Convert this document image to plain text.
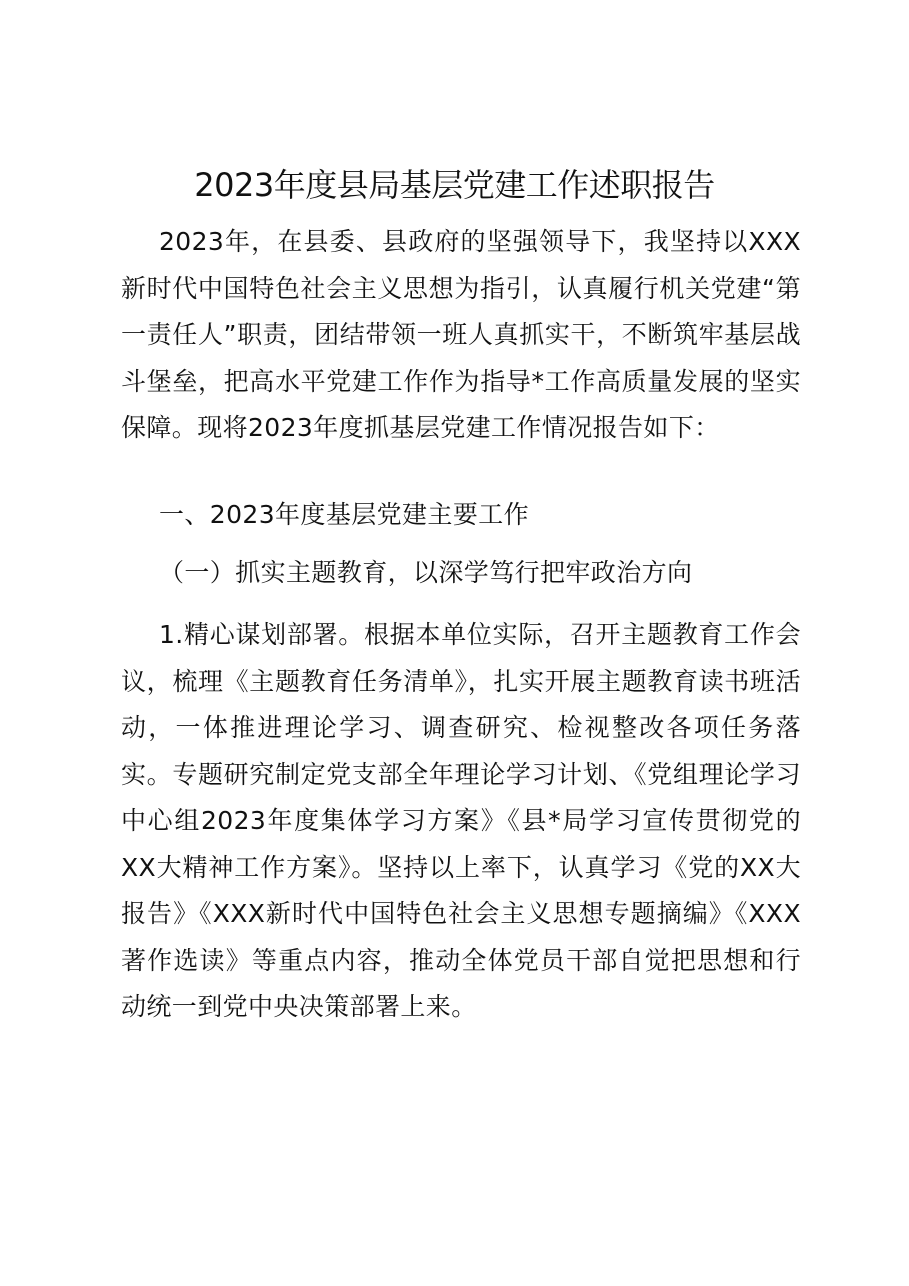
2023年度县局基层党建工作述职报告

2023年，在县委、县政府的坚强领导下，我坚持以XXX新时代中国特色社会主义思想为指引，认真履行机关党建“第一责任人”职责，团结带领一班人真抓实干，不断筑牢基层战斗堡垒，把高水平党建工作作为指导*工作高质量发展的坚实保障。现将2023年度抓基层党建工作情况报告如下：

一、2023年度基层党建主要工作
（一）抓实主题教育，以深学笃行把牢政治方向

1.精心谋划部署。根据本单位实际，召开主题教育工作会议，梳理《主题教育任务清单》，扎实开展主题教育读书班活动，一体推进理论学习、调查研究、检视整改各项任务落实。专题研究制定党支部全年理论学习计划、《党组理论学习中心组2023年度集体学习方案》《县*局学习宣传贯彻党的XX大精神工作方案》。坚持以上率下，认真学习《党的XX大报告》《XXX新时代中国特色社会主义思想专题摘编》《XXX著作选读》等重点内容，推动全体党员干部自觉把思想和行动统一到党中央决策部署上来。
